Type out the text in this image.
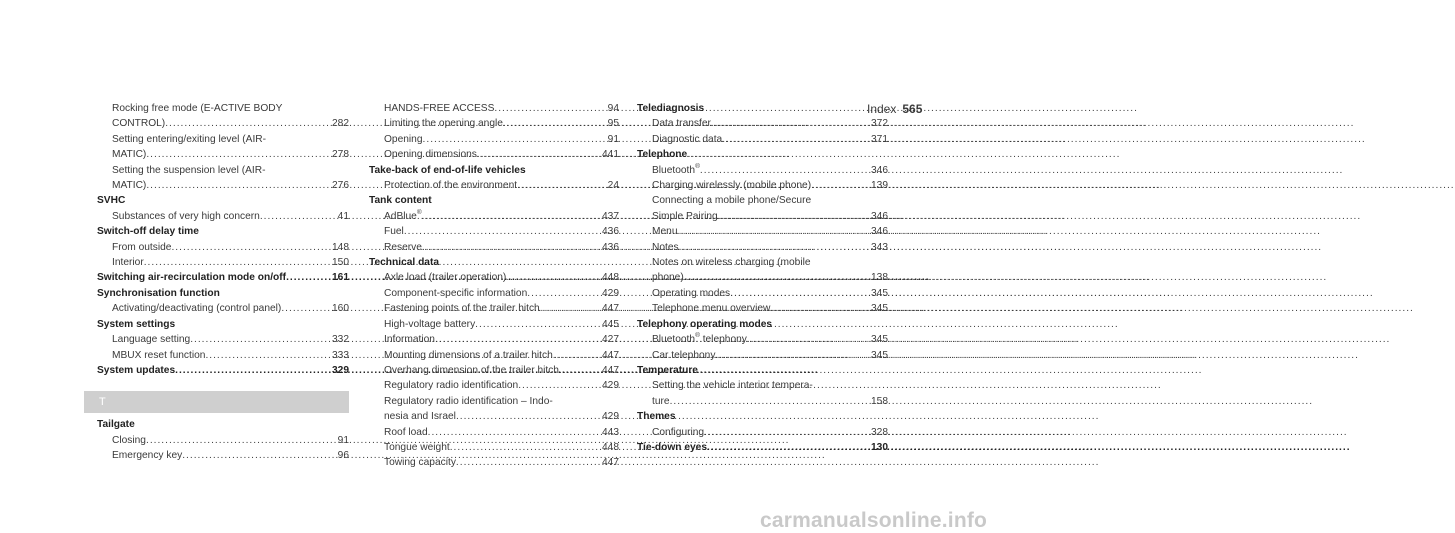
Index 565
Rocking free mode (E-ACTIVE BODY
CONTROL) .....	282
Setting entering/exiting level (AIR-
MATIC) .....	278
Setting the suspension level (AIR-
MATIC) .....	276
SVHC
Substances of very high concern .....	41
Switch-off delay time
From outside .....	148
Interior .....	150
Switching air-recirculation mode on/off .....	161
Synchronisation function
Activating/deactivating (control panel) .....	160
System settings
Language setting .....	332
MBUX reset function .....	333
System updates .....	329
T
Tailgate
Closing .....	91
Emergency key .....	96
HANDS-FREE ACCESS .....	94
Limiting the opening angle .....	95
Opening .....	91
Opening dimensions .....	441
Take-back of end-of-life vehicles
Protection of the environment .....	24
Tank content
AdBlue® .....	437
Fuel .....	436
Reserve .....	436
Technical data
Axle load (trailer operation) .....	448
Component-specific information .....	429
Fastening points of the trailer hitch .....	447
High-voltage battery .....	445
Information .....	427
Mounting dimensions of a trailer hitch .....	447
Overhang dimension of the trailer hitch .....	447
Regulatory radio identification .....	429
Regulatory radio identification – Indo-
nesia and Israel .....	429
Roof load .....	443
Tongue weight .....	448
Towing capacity .....	447
Telediagnosis
Data transfer .....	372
Diagnostic data .....	371
Telephone
Bluetooth® .....	346
Charging wirelessly (mobile phone) .....	139
Connecting a mobile phone/Secure
Simple Pairing .....	346
Menu .....	346
Notes .....	343
Notes on wireless charging (mobile
phone) .....	138
Operating modes .....	345
Telephone menu overview .....	345
Telephony operating modes
Bluetooth® telephony .....	345
Car telephony .....	345
Temperature
Setting the vehicle interior tempera-
ture .....	158
Themes
Configuring .....	328
Tie-down eyes .....	130
carmanualsonline.info
